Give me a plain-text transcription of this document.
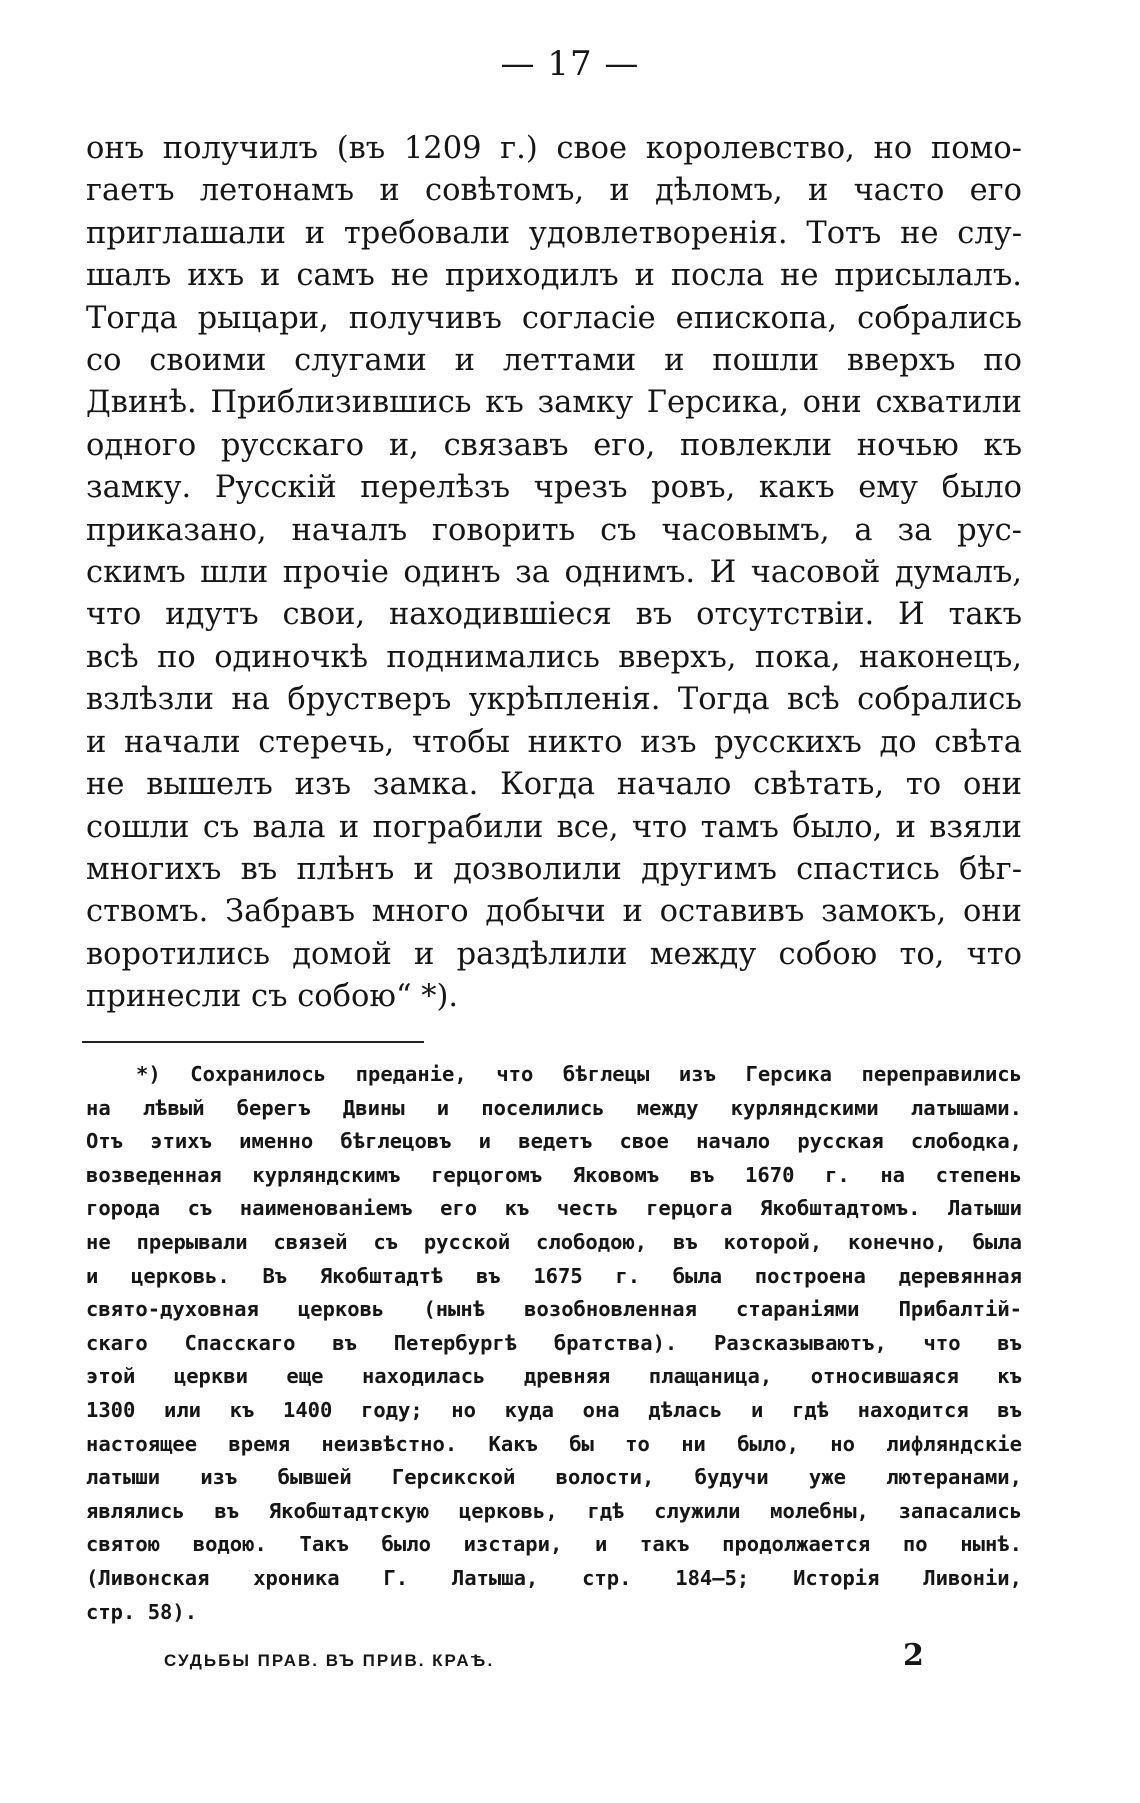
— 17 —
онъ получилъ (въ 1209 г.) свое королевство, но помо-
гаетъ летонамъ и совѣтомъ, и дѣломъ, и часто его
приглашали и требовали удовлетворенія. Тотъ не слу-
шалъ ихъ и самъ не приходилъ и посла не присылалъ.
Тогда рыцари, получивъ согласіе епископа, собрались
со своими слугами и леттами и пошли вверхъ по
Двинѣ. Приблизившись къ замку Герсика, они схватили
одного русскаго и, связавъ его, повлекли ночью къ
замку. Русскій перелѣзъ чрезъ ровъ, какъ ему было
приказано, началъ говорить съ часовымъ, а за рус-
скимъ шли прочіе одинъ за однимъ. И часовой думалъ,
что идутъ свои, находившіеся въ отсутствіи. И такъ
всѣ по одиночкѣ поднимались вверхъ, пока, наконецъ,
взлѣзли на брустверъ укрѣпленія. Тогда всѣ собрались
и начали стеречь, чтобы никто изъ русскихъ до свѣта
не вышелъ изъ замка. Когда начало свѣтать, то они
сошли съ вала и пограбили все, что тамъ было, и взяли
многихъ въ плѣнъ и дозволили другимъ спастись бѣг-
ствомъ. Забравъ много добычи и оставивъ замокъ, они
воротились домой и раздѣлили между собою то, что
принесли съ собою“ *).
*) Сохранилось преданіе, что бѣглецы изъ Герсика переправились
на лѣвый берегъ Двины и поселились между курляндскими латышами.
Отъ этихъ именно бѣглецовъ и ведетъ свое начало русская слободка,
возведенная курляндскимъ герцогомъ Яковомъ въ 1670 г. на степень
города съ наименованіемъ его къ честь герцога Якобштадтомъ. Латыши
не прерывали связей съ русской слободою, въ которой, конечно, была
и церковь. Въ Якобштадтѣ въ 1675 г. была построена деревянная
свято-духовная церковь (нынѣ возобновленная стараніями Прибалтій-
скаго Спасскаго въ Петербургѣ братства). Разсказываютъ, что въ
этой церкви еще находилась древняя плащаница, относившаяся къ
1300 или къ 1400 году; но куда она дѣлась и гдѣ находится въ
настоящее время неизвѣстно. Какъ бы то ни было, но лифляндскіе
латыши изъ бывшей Герсикской волости, будучи уже лютеранами,
являлись въ Якобштадтскую церковь, гдѣ служили молебны, запасались
святою водою. Такъ было изстари, и такъ продолжается по нынѣ.
(Ливонская хроника Г. Латыша, стр. 184—5; Исторія Ливоніи,
стр. 58).
СУДЬБЫ ПРАВ. ВЪ ПРИВ. КРАѢ.	2
